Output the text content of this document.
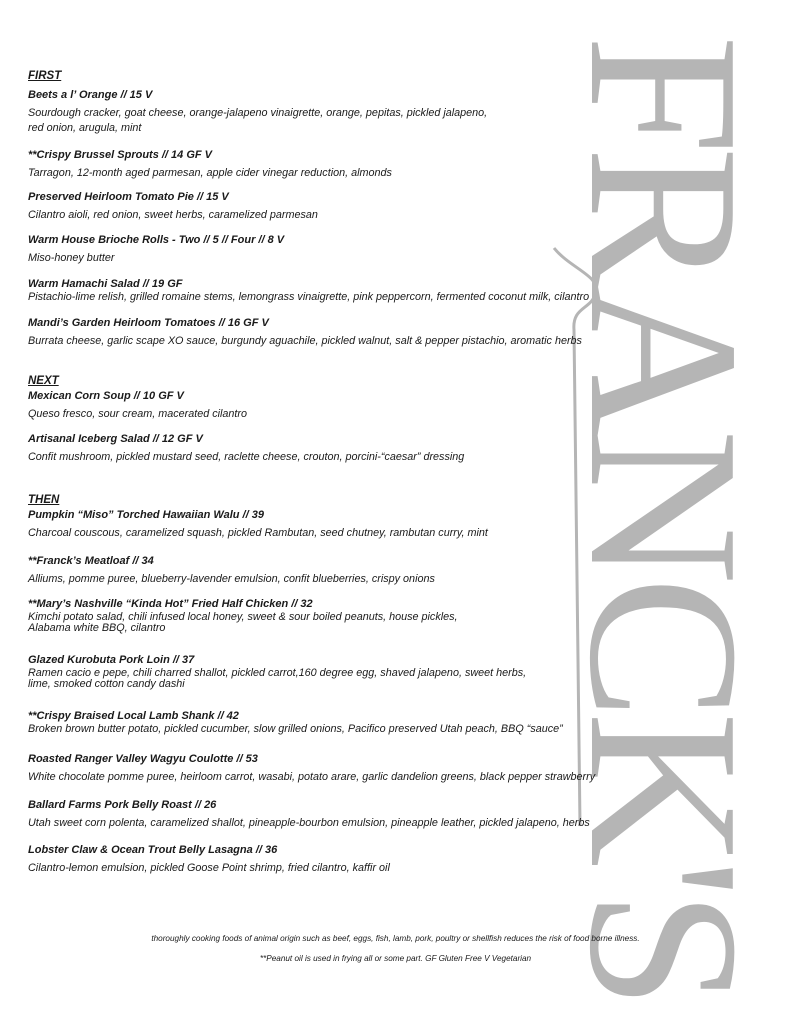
FRANCK'S
FIRST
Beets a l’ Orange // 15 V
Sourdough cracker, goat cheese, orange-jalapeno vinaigrette, orange, pepitas, pickled jalapeno,
red onion, arugula, mint
**Crispy Brussel Sprouts // 14 GF V
Tarragon, 12-month aged parmesan, apple cider vinegar reduction, almonds
Preserved Heirloom Tomato Pie // 15 V
Cilantro aioli, red onion, sweet herbs, caramelized parmesan
Warm House Brioche Rolls - Two // 5 // Four // 8 V
Miso-honey butter
Warm Hamachi Salad // 19 GF
Pistachio-lime relish, grilled romaine stems, lemongrass vinaigrette, pink peppercorn, fermented coconut milk, cilantro
Mandi’s Garden Heirloom Tomatoes // 16 GF V
Burrata cheese, garlic scape XO sauce, burgundy aguachile, pickled walnut, salt & pepper pistachio, aromatic herbs
NEXT
Mexican Corn Soup // 10 GF V
Queso fresco, sour cream, macerated cilantro
Artisanal Iceberg Salad // 12 GF V
Confit mushroom, pickled mustard seed, raclette cheese, crouton, porcini-“caesar” dressing
THEN
Pumpkin “Miso” Torched Hawaiian Walu // 39
Charcoal couscous, caramelized squash, pickled Rambutan, seed chutney, rambutan curry, mint
**Franck’s Meatloaf // 34
Alliums, pomme puree, blueberry-lavender emulsion, confit blueberries, crispy onions
**Mary’s Nashville “Kinda Hot” Fried Half Chicken // 32
Kimchi potato salad, chili infused local honey, sweet & sour boiled peanuts, house pickles,
Alabama white BBQ, cilantro
Glazed Kurobuta Pork Loin // 37
Ramen cacio e pepe, chili charred shallot, pickled carrot,160 degree egg, shaved jalapeno, sweet herbs,
lime, smoked cotton candy dashi
**Crispy Braised Local Lamb Shank // 42
Broken brown butter potato, pickled cucumber, slow grilled onions, Pacifico preserved Utah peach, BBQ “sauce”
Roasted Ranger Valley Wagyu Coulotte // 53
White chocolate pomme puree, heirloom carrot, wasabi, potato arare, garlic dandelion greens, black pepper strawberry
Ballard Farms Pork Belly Roast // 26
Utah sweet corn polenta, caramelized shallot, pineapple-bourbon emulsion, pineapple leather, pickled jalapeno, herbs
Lobster Claw & Ocean Trout Belly Lasagna // 36
Cilantro-lemon emulsion, pickled Goose Point shrimp, fried cilantro, kaffir oil
thoroughly cooking foods of animal origin such as beef, eggs, fish, lamb, pork, poultry or shellfish reduces the risk of food borne illness.
**Peanut oil is used in frying all or some part. GF Gluten Free V Vegetarian
